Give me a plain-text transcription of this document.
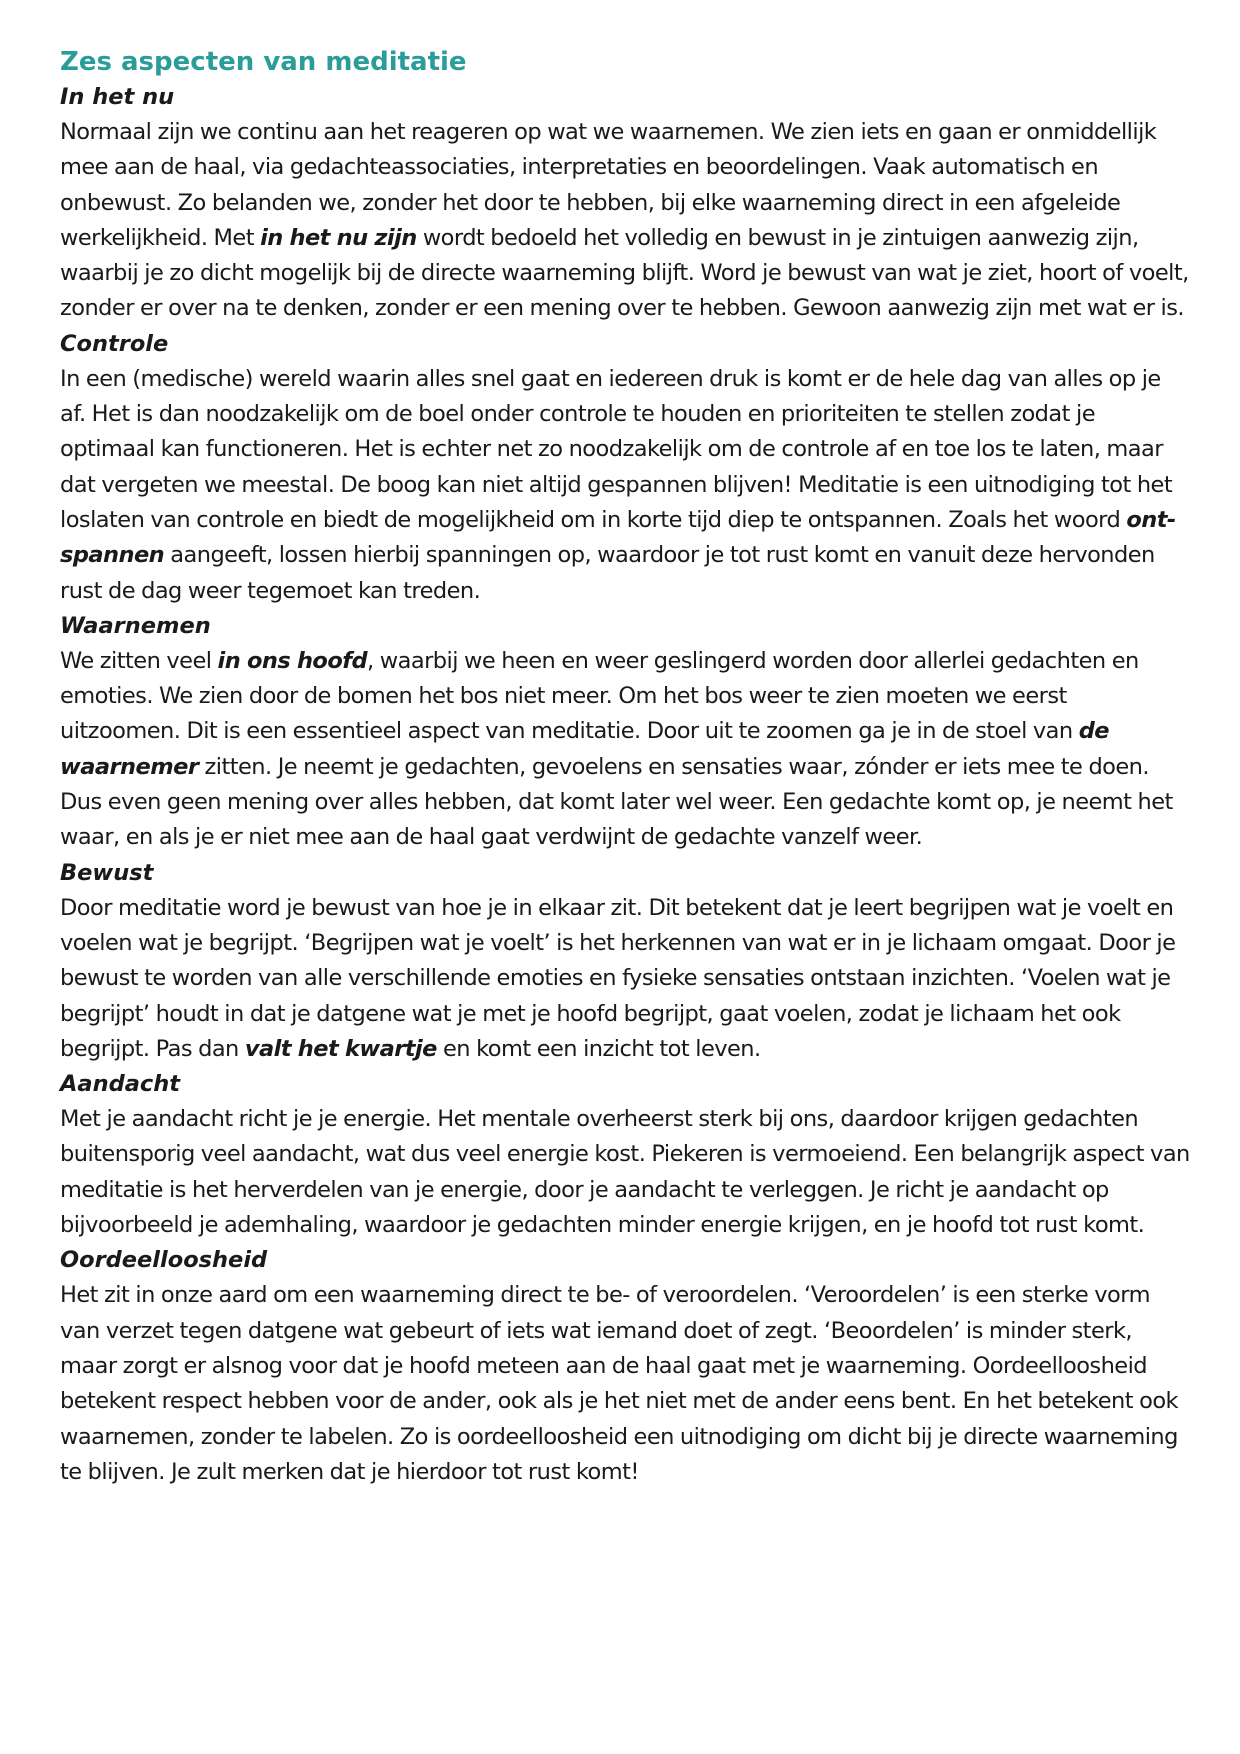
Zes aspecten van meditatie
In het nu

Normaal zijn we continu aan het reageren op wat we waarnemen. We zien iets en gaan er onmiddellijk mee aan de haal, via gedachteassociaties, interpretaties en beoordelingen. Vaak automatisch en onbewust. Zo belanden we, zonder het door te hebben, bij elke waarneming direct in een afgeleide werkelijkheid. Met in het nu zijn wordt bedoeld het volledig en bewust in je zintuigen aanwezig zijn, waarbij je zo dicht mogelijk bij de directe waarneming blijft. Word je bewust van wat je ziet, hoort of voelt, zonder er over na te denken, zonder er een mening over te hebben. Gewoon aanwezig zijn met wat er is.

Controle

In een (medische) wereld waarin alles snel gaat en iedereen druk is komt er de hele dag van alles op je af. Het is dan noodzakelijk om de boel onder controle te houden en prioriteiten te stellen zodat je optimaal kan functioneren. Het is echter net zo noodzakelijk om de controle af en toe los te laten, maar dat vergeten we meestal. De boog kan niet altijd gespannen blijven! Meditatie is een uitnodiging tot het loslaten van controle en biedt de mogelijkheid om in korte tijd diep te ontspannen. Zoals het woord ont-spannen aangeeft, lossen hierbij spanningen op, waardoor je tot rust komt en vanuit deze hervonden rust de dag weer tegemoet kan treden.

Waarnemen

We zitten veel in ons hoofd, waarbij we heen en weer geslingerd worden door allerlei gedachten en emoties. We zien door de bomen het bos niet meer. Om het bos weer te zien moeten we eerst uitzoomen. Dit is een essentieel aspect van meditatie. Door uit te zoomen ga je in de stoel van de waarnemer zitten. Je neemt je gedachten, gevoelens en sensaties waar, zónder er iets mee te doen. Dus even geen mening over alles hebben, dat komt later wel weer. Een gedachte komt op, je neemt het waar, en als je er niet mee aan de haal gaat verdwijnt de gedachte vanzelf weer.

Bewust

Door meditatie word je bewust van hoe je in elkaar zit. Dit betekent dat je leert begrijpen wat je voelt en voelen wat je begrijpt. ‘Begrijpen wat je voelt’ is het herkennen van wat er in je lichaam omgaat. Door je bewust te worden van alle verschillende emoties en fysieke sensaties ontstaan inzichten. ‘Voelen wat je begrijpt’ houdt in dat je datgene wat je met je hoofd begrijpt, gaat voelen, zodat je lichaam het ook begrijpt. Pas dan valt het kwartje en komt een inzicht tot leven.

Aandacht

Met je aandacht richt je je energie. Het mentale overheerst sterk bij ons, daardoor krijgen gedachten buitensporig veel aandacht, wat dus veel energie kost. Piekeren is vermoeiend. Een belangrijk aspect van meditatie is het herverdelen van je energie, door je aandacht te verleggen. Je richt je aandacht op bijvoorbeeld je ademhaling, waardoor je gedachten minder energie krijgen, en je hoofd tot rust komt.

Oordeelloosheid

Het zit in onze aard om een waarneming direct te be- of veroordelen. ‘Veroordelen’ is een sterke vorm van verzet tegen datgene wat gebeurt of iets wat iemand doet of zegt. ‘Beoordelen’ is minder sterk, maar zorgt er alsnog voor dat je hoofd meteen aan de haal gaat met je waarneming. Oordeelloosheid betekent respect hebben voor de ander, ook als je het niet met de ander eens bent. En het betekent ook waarnemen, zonder te labelen. Zo is oordeelloosheid een uitnodiging om dicht bij je directe waarneming te blijven. Je zult merken dat je hierdoor tot rust komt!
